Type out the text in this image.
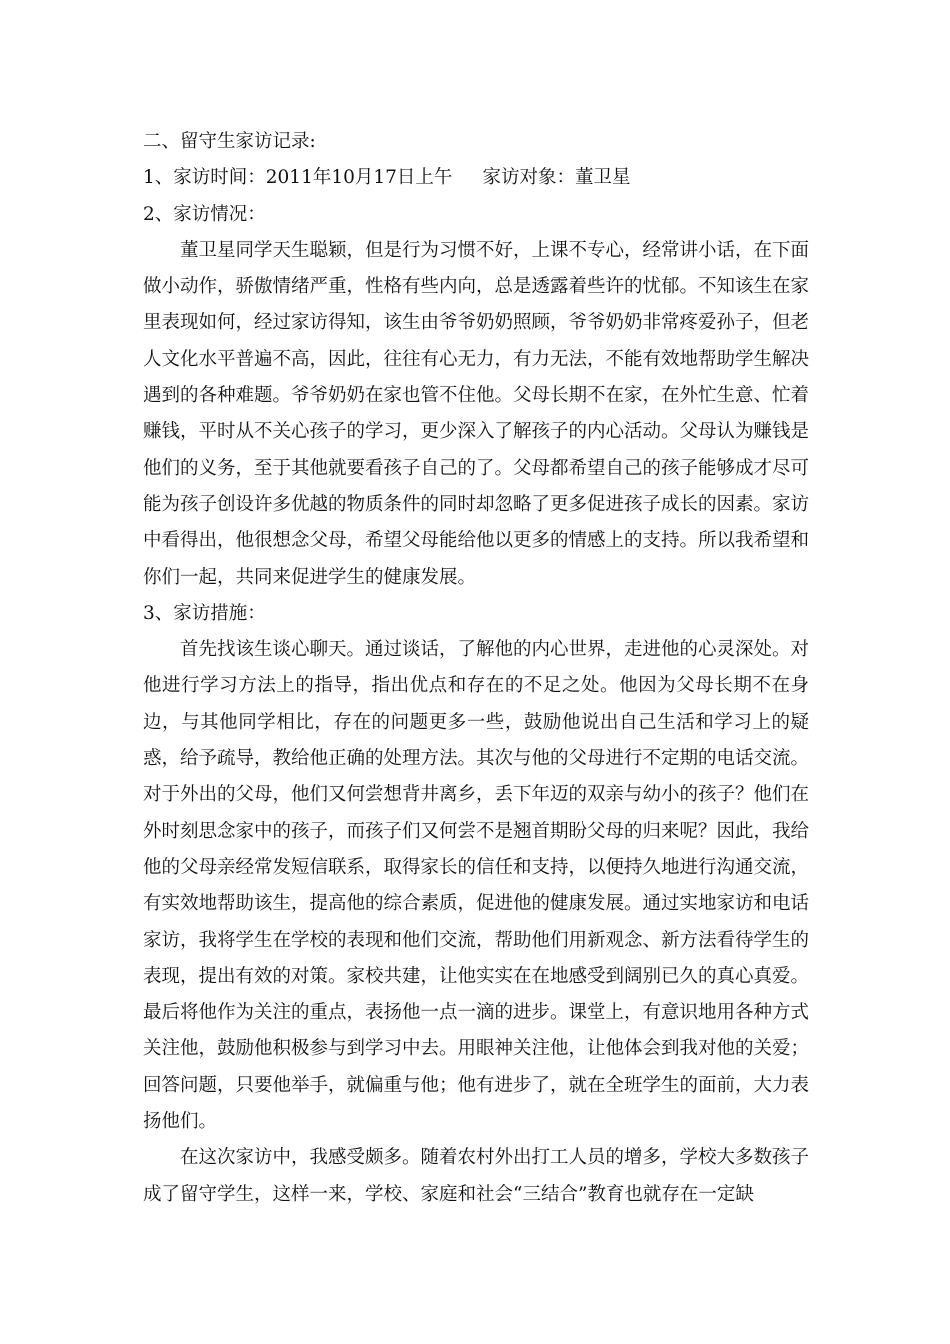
二、留守生家访记录:

1、家访时间：2011年10月17日上午 家访对象：董卫星

2、家访情况：

董卫星同学天生聪颖，但是行为习惯不好，上课不专心，经常讲小话，在下面做小动作，骄傲情绪严重，性格有些内向，总是透露着些许的忧郁。不知该生在家里表现如何，经过家访得知，该生由爷爷奶奶照顾，爷爷奶奶非常疼爱孙子，但老人文化水平普遍不高，因此，往往有心无力，有力无法，不能有效地帮助学生解决遇到的各种难题。爷爷奶奶在家也管不住他。父母长期不在家，在外忙生意、忙着赚钱，平时从不关心孩子的学习，更少深入了解孩子的内心活动。父母认为赚钱是他们的义务，至于其他就要看孩子自己的了。父母都希望自己的孩子能够成才尽可能为孩子创设许多优越的物质条件的同时却忽略了更多促进孩子成长的因素。家访中看得出，他很想念父母，希望父母能给他以更多的情感上的支持。所以我希望和你们一起，共同来促进学生的健康发展。

3、家访措施：

首先找该生谈心聊天。通过谈话，了解他的内心世界，走进他的心灵深处。对他进行学习方法上的指导，指出优点和存在的不足之处。他因为父母长期不在身边，与其他同学相比，存在的问题更多一些，鼓励他说出自己生活和学习上的疑惑，给予疏导，教给他正确的处理方法。其次与他的父母进行不定期的电话交流。对于外出的父母，他们又何尝想背井离乡，丢下年迈的双亲与幼小的孩子？他们在外时刻思念家中的孩子，而孩子们又何尝不是翘首期盼父母的归来呢？因此，我给他的父母亲经常发短信联系，取得家长的信任和支持，以便持久地进行沟通交流，有实效地帮助该生，提高他的综合素质，促进他的健康发展。通过实地家访和电话家访，我将学生在学校的表现和他们交流，帮助他们用新观念、新方法看待学生的表现，提出有效的对策。家校共建，让他实实在在地感受到阔别已久的真心真爱。最后将他作为关注的重点，表扬他一点一滴的进步。课堂上，有意识地用各种方式关注他，鼓励他积极参与到学习中去。用眼神关注他，让他体会到我对他的关爱；回答问题，只要他举手，就偏重与他；他有进步了，就在全班学生的面前，大力表扬他们。

在这次家访中，我感受颇多。随着农村外出打工人员的增多，学校大多数孩子成了留守学生，这样一来，学校、家庭和社会“三结合”教育也就存在一定缺
